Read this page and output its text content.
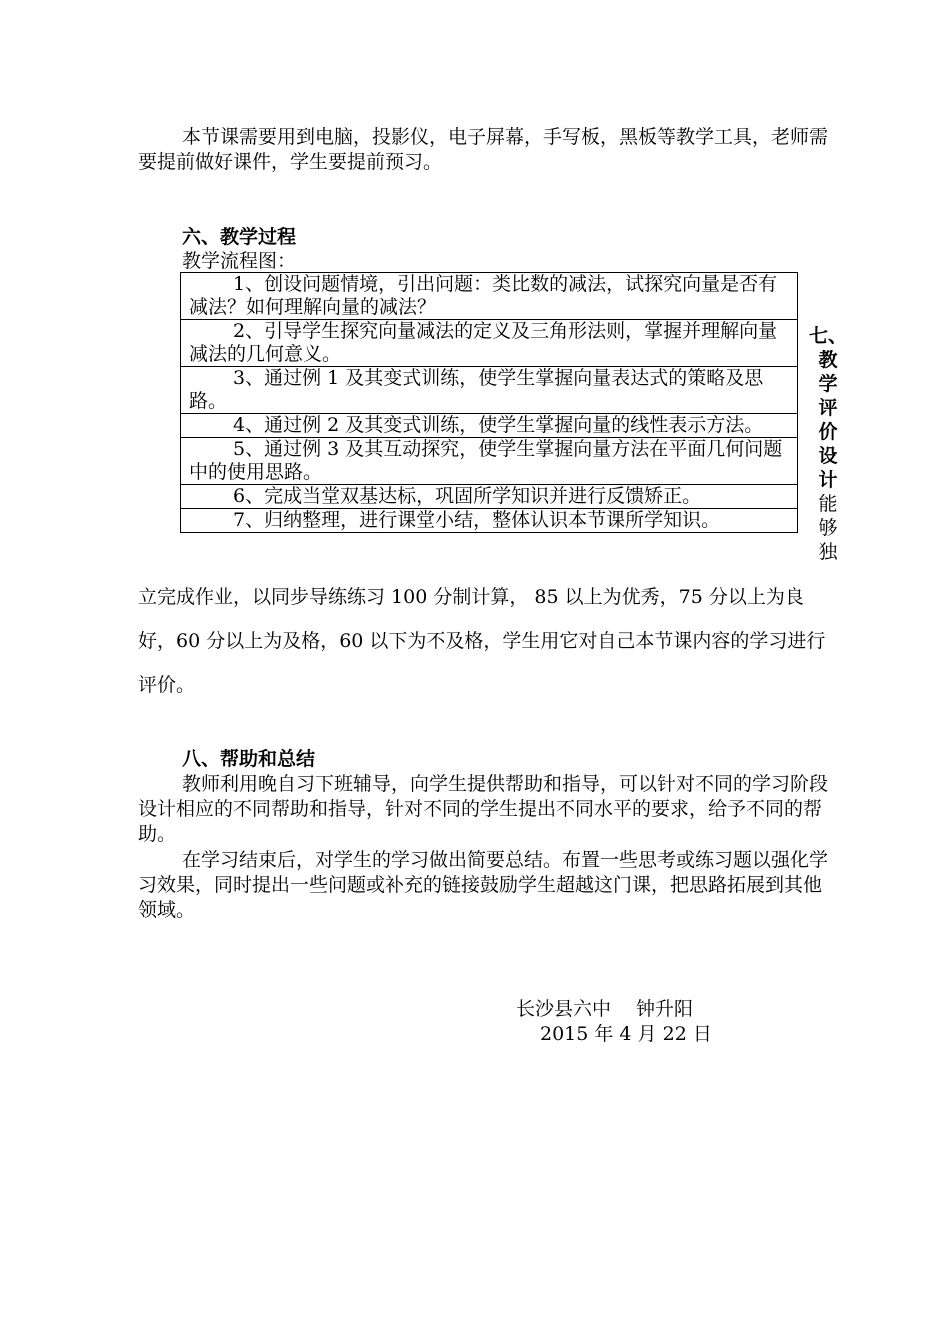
本节课需要用到电脑，投影仪，电子屏幕，手写板，黑板等教学工具，老师需要提前做好课件，学生要提前预习。

六、教学过程
教学流程图：
1、创设问题情境，引出问题：类比数的减法，试探究向量是否有减法？如何理解向量的减法？

2、引导学生探究向量减法的定义及三角形法则，掌握并理解向量减法的几何意义。

3、通过例 1 及其变式训练，使学生掌握向量表达式的策略及思路。

4、通过例 2 及其变式训练，使学生掌握向量的线性表示方法。

5、通过例 3 及其互动探究，使学生掌握向量方法在平面几何问题中的使用思路。

6、完成当堂双基达标，巩固所学知识并进行反馈矫正。

7、归纳整理，进行课堂小结，整体认识本节课所学知识。
七、
教
学
评
价
设
计
能
够
独

立完成作业，以同步导练练习 100 分制计算， 85 以上为优秀，75 分以上为良好，60 分以上为及格，60 以下为不及格，学生用它对自己本节课内容的学习进行评价。

八、帮助和总结

教师利用晚自习下班辅导，向学生提供帮助和指导，可以针对不同的学习阶段设计相应的不同帮助和指导，针对不同的学生提出不同水平的要求，给予不同的帮助。

在学习结束后，对学生的学习做出简要总结。布置一些思考或练习题以强化学习效果，同时提出一些问题或补充的链接鼓励学生超越这门课，把思路拓展到其他领域。

长沙县六中　 钟升阳
2015 年 4 月 22 日
